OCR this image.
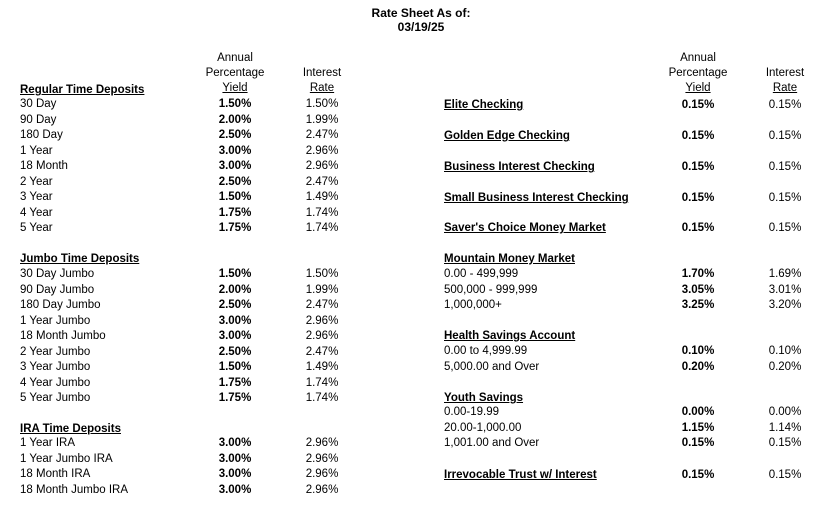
Rate Sheet As of:
03/19/25
Annual
Percentage
Yield
Interest
Rate
Annual
Percentage
Yield
Interest
Rate
Regular Time Deposits
30 Day	1.50%	1.50%
90 Day	2.00%	1.99%
180 Day	2.50%	2.47%
1 Year	3.00%	2.96%
18 Month	3.00%	2.96%
2 Year	2.50%	2.47%
3 Year	1.50%	1.49%
4 Year	1.75%	1.74%
5 Year	1.75%	1.74%
Jumbo Time Deposits
30 Day Jumbo	1.50%	1.50%
90 Day Jumbo	2.00%	1.99%
180 Day Jumbo	2.50%	2.47%
1 Year Jumbo	3.00%	2.96%
18 Month Jumbo	3.00%	2.96%
2 Year Jumbo	2.50%	2.47%
3 Year Jumbo	1.50%	1.49%
4 Year Jumbo	1.75%	1.74%
5 Year Jumbo	1.75%	1.74%
IRA Time Deposits
1 Year IRA	3.00%	2.96%
1 Year Jumbo IRA	3.00%	2.96%
18 Month IRA	3.00%	2.96%
18 Month Jumbo IRA	3.00%	2.96%
Elite Checking	0.15%	0.15%
Golden Edge Checking	0.15%	0.15%
Business Interest Checking	0.15%	0.15%
Small Business Interest Checking	0.15%	0.15%
Saver's Choice Money Market	0.15%	0.15%
Mountain Money Market
0.00 - 499,999	1.70%	1.69%
500,000 - 999,999	3.05%	3.01%
1,000,000+	3.25%	3.20%
Health Savings Account
0.00 to 4,999.99	0.10%	0.10%
5,000.00 and Over	0.20%	0.20%
Youth Savings
0.00-19.99	0.00%	0.00%
20.00-1,000.00	1.15%	1.14%
1,001.00 and Over	0.15%	0.15%
Irrevocable Trust w/ Interest	0.15%	0.15%
